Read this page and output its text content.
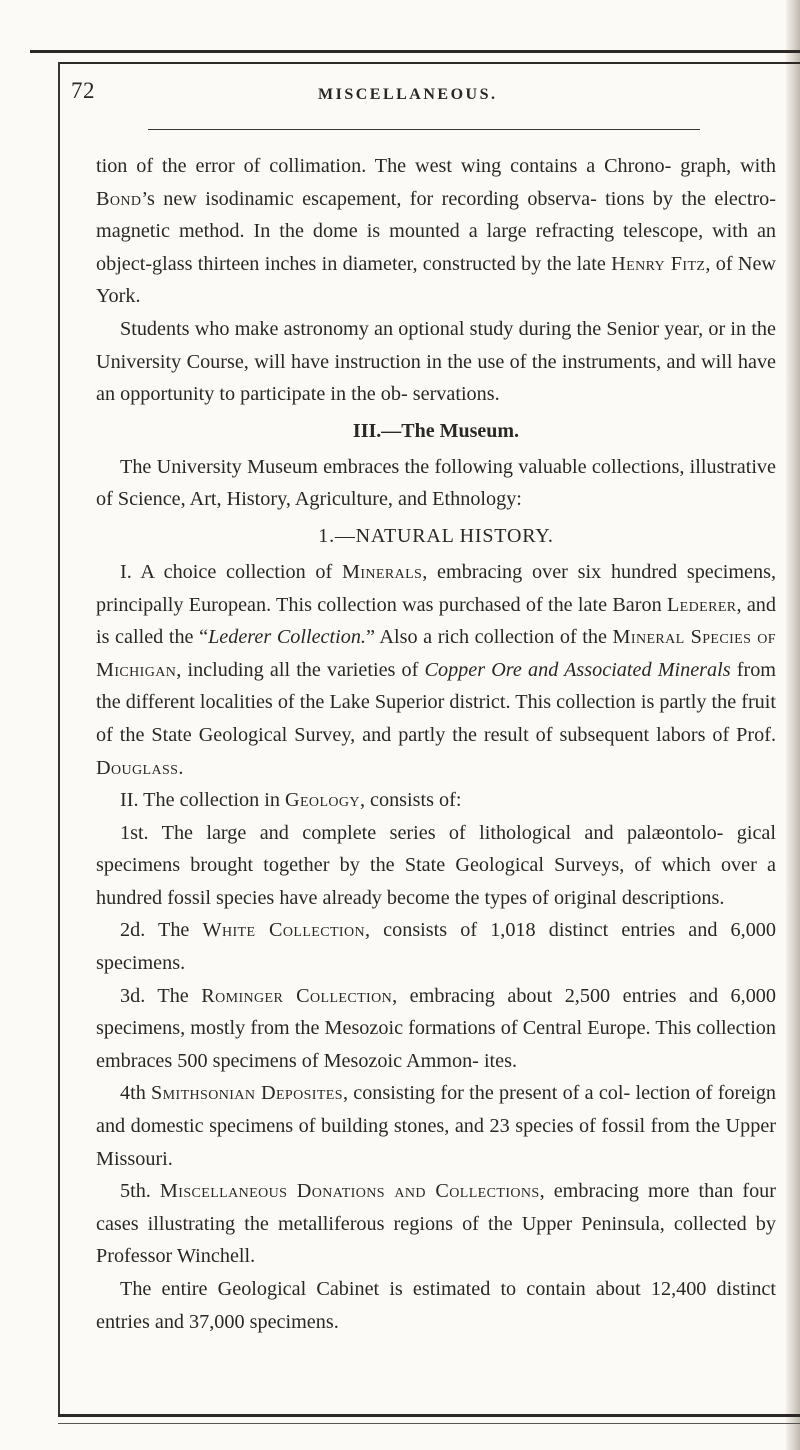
72	MISCELLANEOUS.

tion of the error of collimation. The west wing contains a Chrono- graph, with Bond’s new isodinamic escapement, for recording observa- tions by the electro-magnetic method. In the dome is mounted a large refracting telescope, with an object-glass thirteen inches in diameter, constructed by the late Henry Fitz, of New York.

Students who make astronomy an optional study during the Senior year, or in the University Course, will have instruction in the use of the instruments, and will have an opportunity to participate in the ob- servations.

III.—The Museum.

The University Museum embraces the following valuable collections, illustrative of Science, Art, History, Agriculture, and Ethnology:

1.—NATURAL HISTORY.

I. A choice collection of Minerals, embracing over six hundred specimens, principally European. This collection was purchased of the late Baron Lederer, and is called the “Lederer Collection.” Also a rich collection of the Mineral Species of Michigan, including all the varieties of Copper Ore and Associated Minerals from the different localities of the Lake Superior district. This collection is partly the fruit of the State Geological Survey, and partly the result of subsequent labors of Prof. Douglass.

II. The collection in Geology, consists of:

1st. The large and complete series of lithological and palæontolo- gical specimens brought together by the State Geological Surveys, of which over a hundred fossil species have already become the types of original descriptions.

2d. The White Collection, consists of 1,018 distinct entries and 6,000 specimens.

3d. The Rominger Collection, embracing about 2,500 entries and 6,000 specimens, mostly from the Mesozoic formations of Central Europe. This collection embraces 500 specimens of Mesozoic Ammon- ites.

4th Smithsonian Deposites, consisting for the present of a col- lection of foreign and domestic specimens of building stones, and 23 species of fossil from the Upper Missouri.

5th. Miscellaneous Donations and Collections, embracing more than four cases illustrating the metalliferous regions of the Upper Peninsula, collected by Professor Winchell.

The entire Geological Cabinet is estimated to contain about 12,400 distinct entries and 37,000 specimens.
